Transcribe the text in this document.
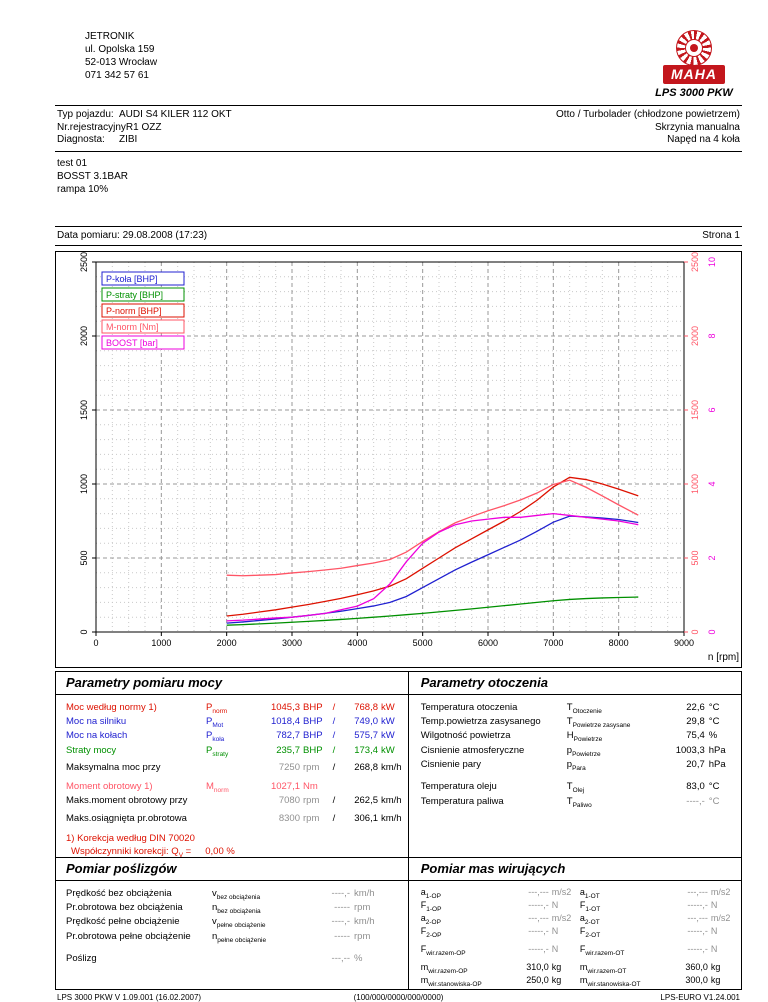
JETRONIK
ul. Opolska 159
52-013 Wrocław
071 342 57 61	MAHA
LPS 3000 PKW
Typ pojazdu: AUDI S4 KILER 112 OKT
Nr.rejestracyjny R1 OZZ
Diagnosta:	ZIBI
Otto / Turbolader (chłodzone powietrzem)
Skrzynia manualna
Napęd na 4 koła
test 01
BOSST 3.1BAR
rampa 10%
Data pomiaru: 29.08.2008 (17:23)	Strona 1
0	1000	2000	3000	4000	5000	6000	7000	8000	9000
0
500
1000
1500
2000
2500
0
500
1000
1500
2000
2500
0
2
4
6
8
10
n [rpm]
P-koła [BHP]
P-straty [BHP]
P-norm [BHP]
M-norm [Nm]
BOOST [bar]
Parametry pomiaru mocy	Parametry otoczenia
Moc według normy 1)	$P_{norm}$	1045,3 BHP	/	768,8 kW
Moc na silniku	$P_{Mot}$	1018,4 BHP	/	749,0 kW
Moc na kołach	$P_{koła}$	782,7 BHP	/	575,7 kW
Straty mocy	$P_{straty}$	235,7 BHP	/	173,4 kW
Maksymalna moc przy	7250 rpm	/	268,8 km/h
Moment obrotowy 1)	$M_{norm}$	1027,1 Nm
Maks.moment obrotowy przy	7080 rpm	/	262,5 km/h
Maks.osiągnięta pr.obrotowa	8300 rpm	/	306,1 km/h
1) Korekcja według DIN 70020
Współczynniki korekcji: $Q_V = 0,00$ %
Temperatura otoczenia	$T_{Otoczenie}$	22,6 °C
Temp.powietrza zasysanego	$T_{Powietrze zasysane}$	29,8 °C
Wilgotność powietrza	$H_{Powietrze}$	75,4 %
Cisnienie atmosferyczne	$p_{Powietrze}$	1003,3 hPa
Cisnienie pary	$p_{Para}$	20,7 hPa
Temperatura oleju	$T_{Olej}$	83,0 °C
Temperatura paliwa	$T_{Paliwo}$	----,- °C
Pomiar poślizgów	Pomiar mas wirujących
Prędkość bez obciążenia	$v_{bez obciążenia}$	----,- km/h
Pr.obrotowa bez obciążenia	$n_{bez obciążenia}$	----- rpm
Prędkość pełne obciążenie	$v_{pełne obciążenie}$	----,- km/h
Pr.obrotowa pełne obciążenie	$n_{pełne obciążenie}$	----- rpm
Poślizg	---,-- %
$a_{1-OP}$	---,--- m/s2
$F_{1-OP}$	-----,- N
$a_{2-OP}$	---,--- m/s2
$F_{2-OP}$	-----,- N
$F_{wir.razem-OP}$	-----,- N
$m_{wir.razem-OP}$	310,0 kg
$m_{wir.stanowiska-OP}$	250,0 kg
$a_{1-OT}$	---,--- m/s2
$F_{1-OT}$	-----,- N
$a_{2-OT}$	---,--- m/s2
$F_{2-OT}$	-----,- N
$F_{wir.razem-OT}$	-----,- N
$m_{wir.razem-OT}$	360,0 kg
$m_{wir.stanowiska-OT}$	300,0 kg
LPS 3000 PKW V 1.09.001 (16.02.2007)	(100/000/0000/000/0000)	LPS-EURO V1.24.001
